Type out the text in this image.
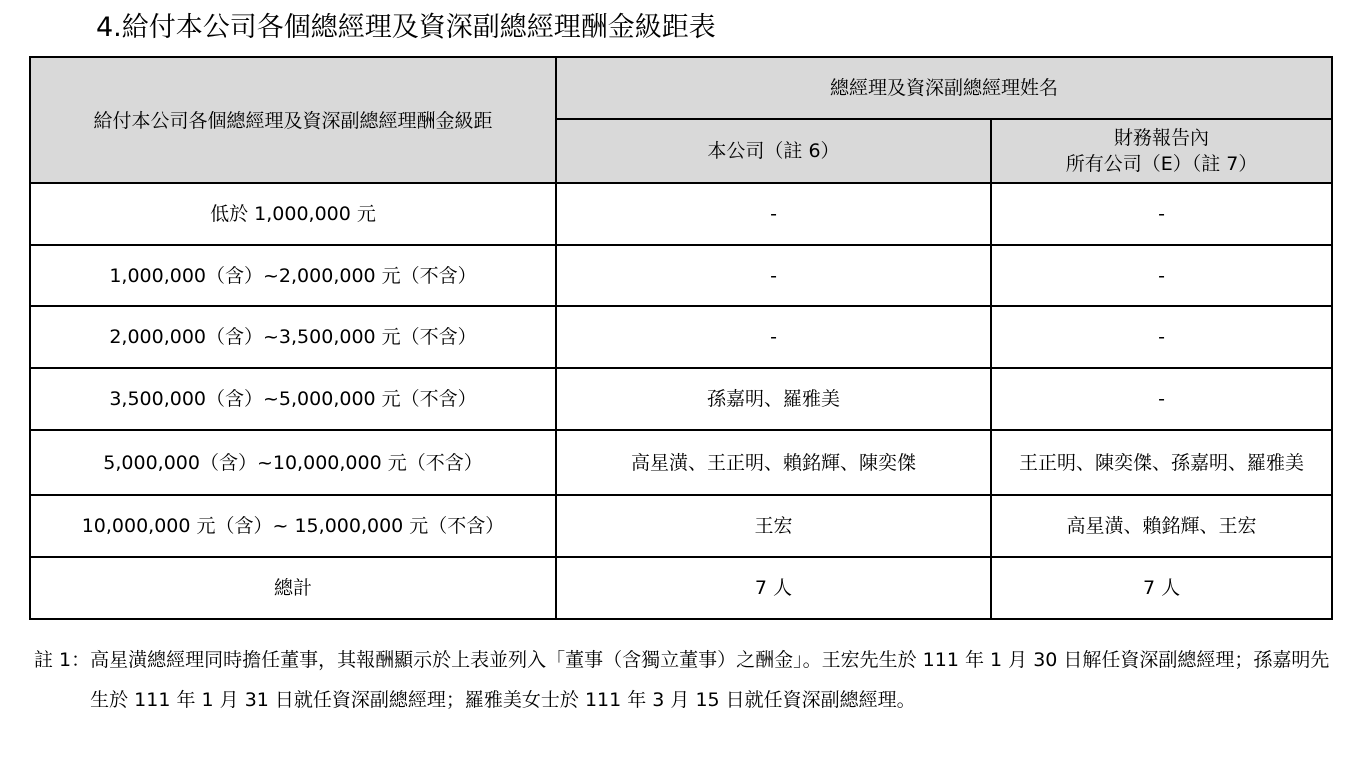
4.給付本公司各個總經理及資深副總經理酬金級距表
給付本公司各個總經理及資深副總經理酬金級距	總經理及資深副總經理姓名	
	本公司（註 6）	財務報告內
所有公司（E）（註 7）

低於 1,000,000 元	-	-
1,000,000（含）~2,000,000 元（不含）	-	-
2,000,000（含）~3,500,000 元（不含）	-	-
3,500,000（含）~5,000,000 元（不含）	孫嘉明、羅雅美	-
5,000,000（含）~10,000,000 元（不含）	高星潢、王正明、賴銘輝、陳奕傑	王正明、陳奕傑、孫嘉明、羅雅美
10,000,000 元（含）~ 15,000,000 元（不含）	王宏	高星潢、賴銘輝、王宏
總計	7 人	7 人
註 1： 高星潢總經理同時擔任董事，其報酬顯示於上表並列入「董事（含獨立董事）之酬金」。王宏先生於 111 年 1 月 30 日解任資深副總經理；孫嘉明先生於 111 年 1 月 31 日就任資深副總經理；羅雅美女士於 111 年 3 月 15 日就任資深副總經理。
